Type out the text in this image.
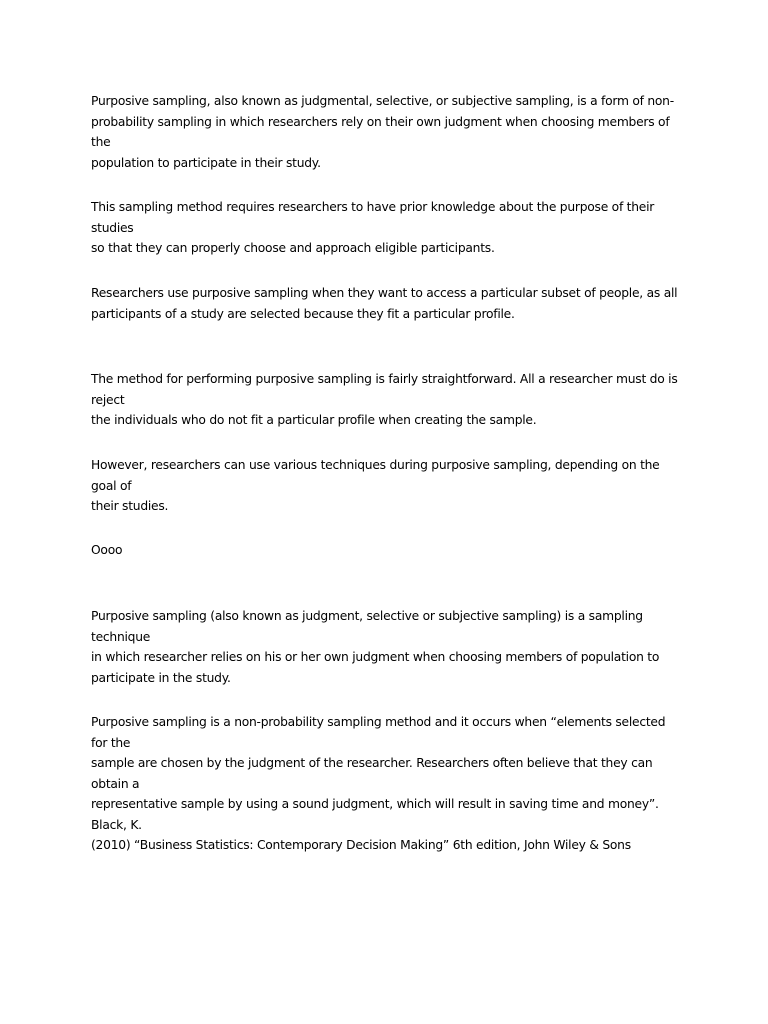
Purposive sampling, also known as judgmental, selective, or subjective sampling, is a form of non-
probability sampling in which researchers rely on their own judgment when choosing members of the
population to participate in their study.

This sampling method requires researchers to have prior knowledge about the purpose of their studies
so that they can properly choose and approach eligible participants.

Researchers use purposive sampling when they want to access a particular subset of people, as all
participants of a study are selected because they fit a particular profile.

The method for performing purposive sampling is fairly straightforward. All a researcher must do is reject
the individuals who do not fit a particular profile when creating the sample.

However, researchers can use various techniques during purposive sampling, depending on the goal of
their studies.

Oooo

Purposive sampling (also known as judgment, selective or subjective sampling) is a sampling technique
in which researcher relies on his or her own judgment when choosing members of population to
participate in the study.

Purposive sampling is a non-probability sampling method and it occurs when “elements selected for the
sample are chosen by the judgment of the researcher. Researchers often believe that they can obtain a
representative sample by using a sound judgment, which will result in saving time and money”. Black, K.
(2010) “Business Statistics: Contemporary Decision Making” 6th edition, John Wiley & Sons
